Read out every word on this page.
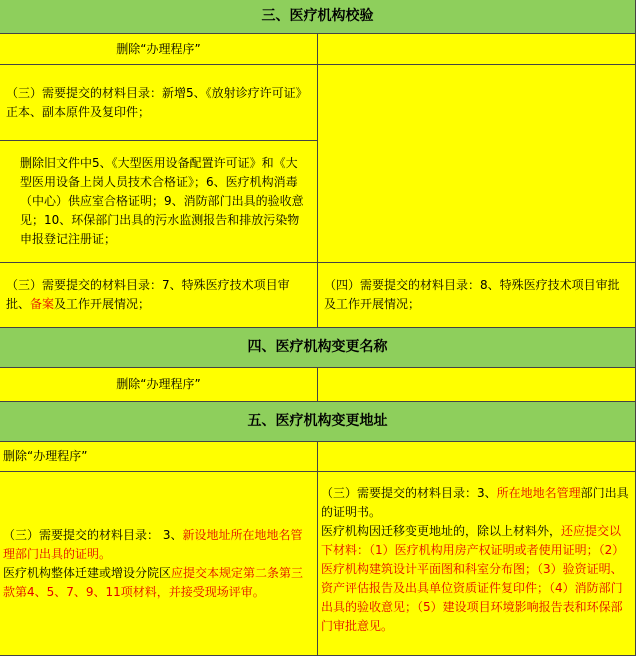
三、医疗机构校验
删除“办理程序”
（三）需要提交的材料目录：新增5、《放射诊疗许可证》正本、副本原件及复印件；
删除旧文件中5、《大型医用设备配置许可证》和《大型医用设备上岗人员技术合格证》；6、医疗机构消毒（中心）供应室合格证明；9、消防部门出具的验收意见；10、环保部门出具的污水监测报告和排放污染物申报登记注册证；
（三）需要提交的材料目录：7、特殊医疗技术项目审批、备案及工作开展情况；
（四）需要提交的材料目录：8、特殊医疗技术项目审批及工作开展情况；
四、医疗机构变更名称
删除“办理程序”
五、医疗机构变更地址
删除“办理程序”
（三）需要提交的材料目录： 3、新设地址所在地地名管理部门出具的证明。
医疗机构整体迁建或增设分院区应提交本规定第二条第三款第4、5、7、9、11项材料，并接受现场评审。
（三）需要提交的材料目录：3、所在地地名管理部门出具的证明书。
医疗机构因迁移变更地址的，除以上材料外，还应提交以下材料：（1）医疗机构用房产权证明或者使用证明；（2）医疗机构建筑设计平面图和科室分布图；（3）验资证明、资产评估报告及出具单位资质证件复印件；（4）消防部门出具的验收意见；（5）建设项目环境影响报告表和环保部门审批意见。
